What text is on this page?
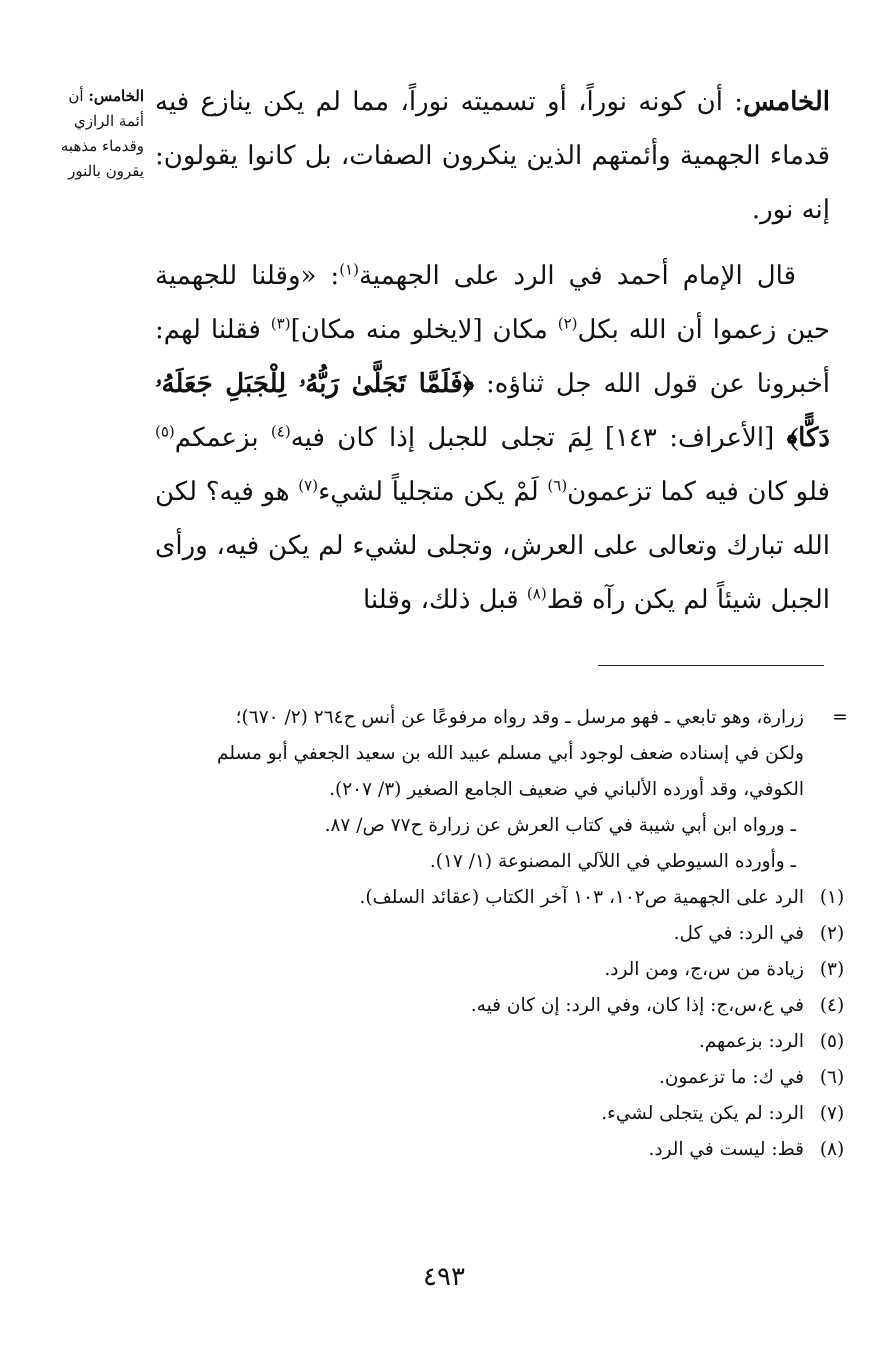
الخامس: أن
أئمة الرازي
وقدماء مذهبه
يقرون بالنور

الخامس: أن كونه نوراً، أو تسميته نوراً، مما لم يكن ينازع فيه قدماء الجهمية وأئمتهم الذين ينكرون الصفات، بل كانوا يقولون: إنه نور.

قال الإمام أحمد في الرد على الجهمية$^{(١)}$: «وقلنا للجهمية حين زعموا أن الله بكل$^{(٢)}$ مكان [لايخلو منه مكان]$^{(٣)}$ فقلنا لهم: أخبرونا عن قول الله جل ثناؤه: ﴿فَلَمَّا تَجَلَّىٰ رَبُّهُۥ لِلْجَبَلِ جَعَلَهُۥ دَكًّا﴾ [الأعراف: ١٤٣] لِمَ تجلى للجبل إذا كان فيه$^{(٤)}$ بزعمكم$^{(٥)}$ فلو كان فيه كما تزعمون$^{(٦)}$ لَمْ يكن متجلياً لشيء$^{(٧)}$ هو فيه؟ لكن الله تبارك وتعالى على العرش، وتجلى لشيء لم يكن فيه، ورأى الجبل شيئاً لم يكن رآه قط$^{(٨)}$ قبل ذلك، وقلنا

=
زرارة، وهو تابعي ـ فهو مرسل ـ وقد رواه مرفوعًا عن أنس ح٢٦٤ (٢/ ٦٧٠)؛
ولكن في إسناده ضعف لوجود أبي مسلم عبيد الله بن سعيد الجعفي أبو مسلم
الكوفي، وقد أورده الألباني في ضعيف الجامع الصغير (٣/ ٢٠٧).
ـ ورواه ابن أبي شيبة في كتاب العرش عن زرارة ح٧٧ ص/ ٨٧.
ـ وأورده السيوطي في اللآلي المصنوعة (١/ ١٧).
(١)
الرد على الجهمية ص١٠٢، ١٠٣ آخر الكتاب (عقائد السلف).
(٢)
في الرد: في كل.
(٣)
زيادة من س،ج، ومن الرد.
(٤)
في ع،س،ج: إذا كان، وفي الرد: إن كان فيه.
(٥)
الرد: بزعمهم.
(٦)
في ك: ما تزعمون.
(٧)
الرد: لم يكن يتجلى لشيء.
(٨)
قط: ليست في الرد.
٤٩٣
